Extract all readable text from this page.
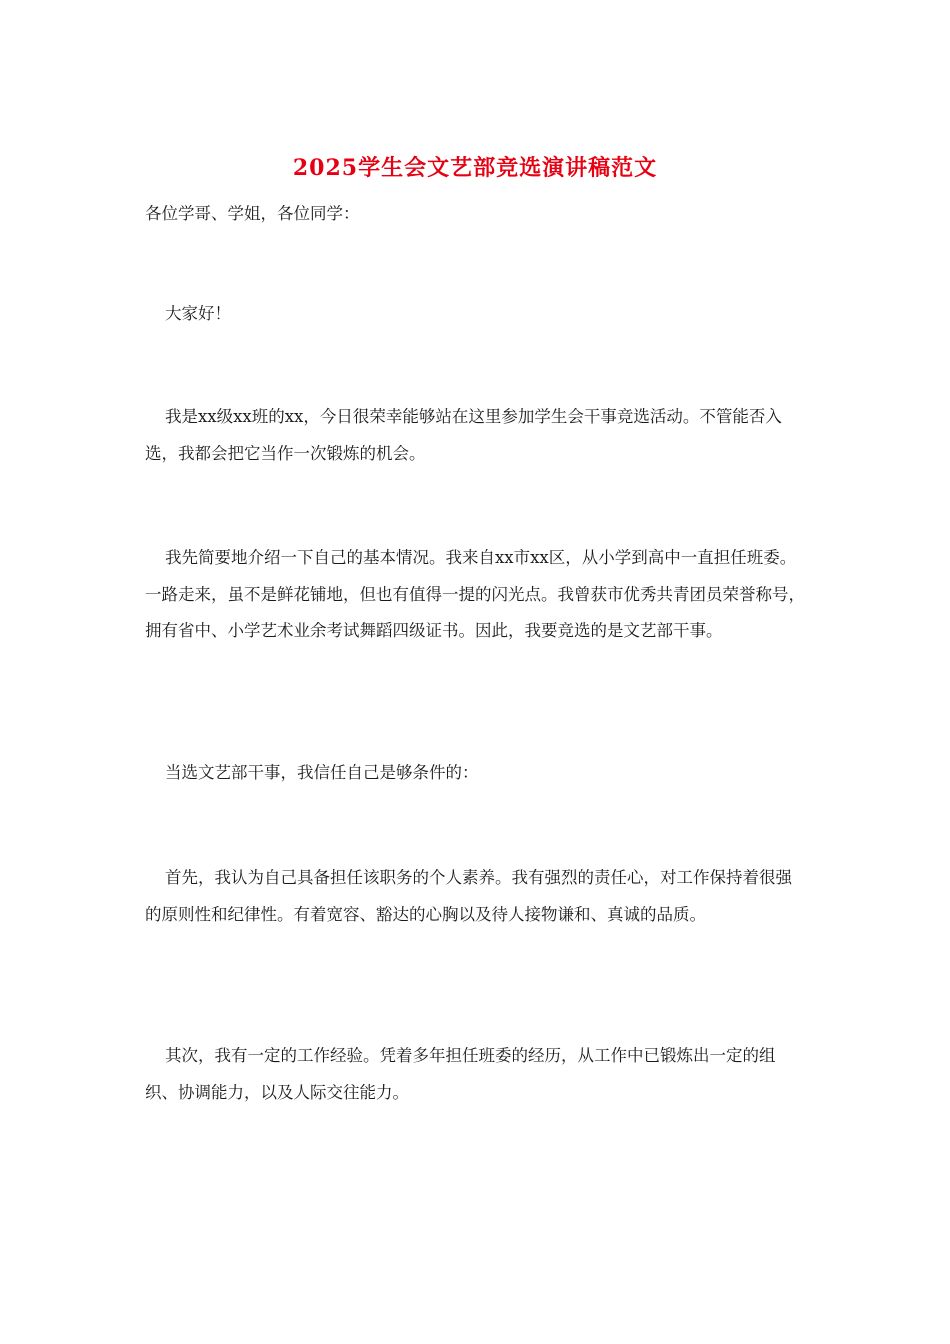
2025学生会文艺部竞选演讲稿范文

各位学哥、学姐，各位同学：

大家好！

我是xx级xx班的xx，今日很荣幸能够站在这里参加学生会干事竞选活动。不管能否入选，我都会把它当作一次锻炼的机会。

我先简要地介绍一下自己的基本情况。我来自xx市xx区，从小学到高中一直担任班委。一路走来，虽不是鲜花铺地，但也有值得一提的闪光点。我曾获市优秀共青团员荣誉称号，拥有省中、小学艺术业余考试舞蹈四级证书。因此，我要竞选的是文艺部干事。

当选文艺部干事，我信任自己是够条件的：

首先，我认为自己具备担任该职务的个人素养。我有强烈的责任心，对工作保持着很强的原则性和纪律性。有着宽容、豁达的心胸以及待人接物谦和、真诚的品质。

其次，我有一定的工作经验。凭着多年担任班委的经历，从工作中已锻炼出一定的组织、协调能力，以及人际交往能力。
